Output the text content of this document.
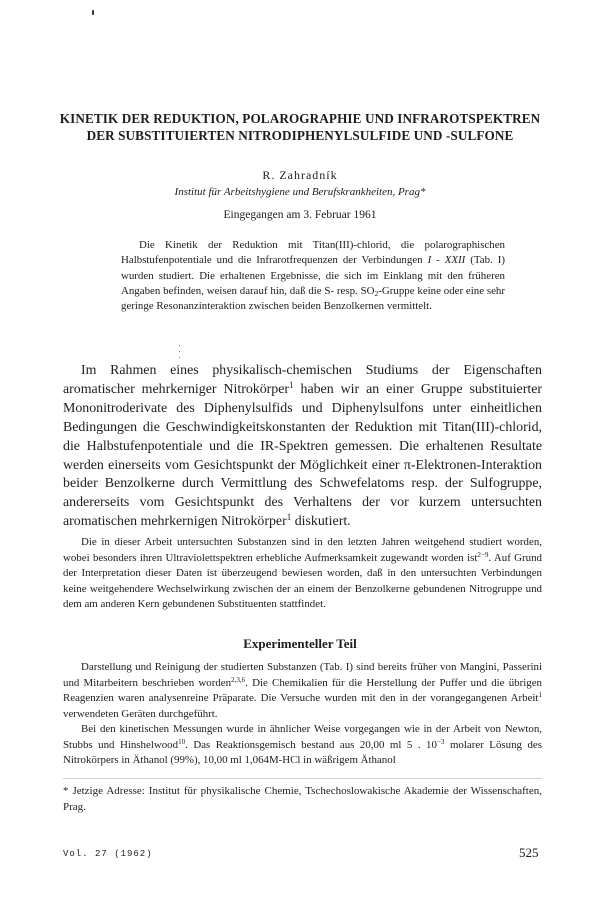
KINETIK DER REDUKTION, POLAROGRAPHIE UND INFRAROTSPEKTREN
DER SUBSTITUIERTEN NITRODIPHENYLSULFIDE UND -SULFONE
R. Zahradník
Institut für Arbeitshygiene und Berufskrankheiten, Prag*
Eingegangen am 3. Februar 1961

Die Kinetik der Reduktion mit Titan(III)-chlorid, die polarographischen Halbstufenpotentiale und die Infrarotfrequenzen der Verbindungen I - XXII (Tab. I) wurden studiert. Die erhaltenen Ergebnisse, die sich im Einklang mit den früheren Angaben befinden, weisen darauf hin, daß die S- resp. $SO_2$-Gruppe keine oder eine sehr geringe Resonanzinteraktion zwischen beiden Benzolkernen vermittelt.

Im Rahmen eines physikalisch-chemischen Studiums der Eigenschaften aromatischer mehrkerniger Nitrokörper$^1$ haben wir an einer Gruppe substituierter Mononitroderivate des Diphenylsulfids und Diphenylsulfons unter einheitlichen Bedingungen die Geschwindigkeitskonstanten der Reduktion mit Titan(III)-chlorid, die Halbstufenpotentiale und die IR-Spektren gemessen. Die erhaltenen Resultate werden einerseits vom Gesichtspunkt der Möglichkeit einer π-Elektronen-Interaktion beider Benzolkerne durch Vermittlung des Schwefelatoms resp. der Sulfogruppe, andererseits vom Gesichtspunkt des Verhaltens der vor kurzem untersuchten aromatischen mehrkernigen Nitrokörper$^1$ diskutiert.

Die in dieser Arbeit untersuchten Substanzen sind in den letzten Jahren weitgehend studiert worden, wobei besonders ihren Ultraviolettspektren erhebliche Aufmerksamkeit zugewandt worden ist$^{2-9}$. Auf Grund der Interpretation dieser Daten ist überzeugend bewiesen worden, daß in den untersuchten Verbindungen keine weitgehendere Wechselwirkung zwischen der an einem der Benzolkerne gebundenen Nitrogruppe und dem am anderen Kern gebundenen Substituenten stattfindet.

Experimenteller Teil

Darstellung und Reinigung der studierten Substanzen (Tab. I) sind bereits früher von Mangini, Passerini und Mitarbeitern beschrieben worden$^{2,3,6}$. Die Chemikalien für die Herstellung der Puffer und die übrigen Reagenzien waren analysenreine Präparate. Die Versuche wurden mit den in der vorangegangenen Arbeit$^1$ verwendeten Geräten durchgeführt.

Bei den kinetischen Messungen wurde in ähnlicher Weise vorgegangen wie in der Arbeit von Newton, Stubbs und Hinshelwood$^{10}$. Das Reaktionsgemisch bestand aus 20,00 ml 5 . $10^{-3}$ molarer Lösung des Nitrokörpers in Äthanol (99%), 10,00 ml 1,064M-HCl in wäßrigem Äthanol

* Jetzige Adresse: Institut für physikalische Chemie, Tschechoslowakische Akademie der Wissenschaften, Prag.
Vol. 27 (1962)	525
